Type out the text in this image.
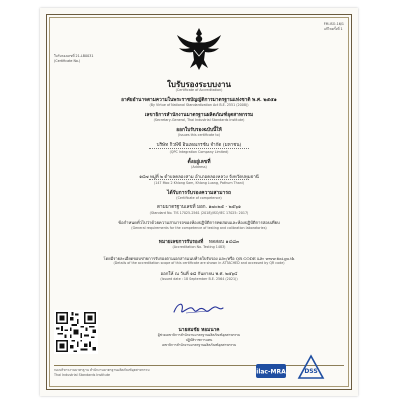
FM-ISO-16/1
แก้ไขครั้งที่ 1
ใบรับรองเลขที่ 21-LB0031
(Certificate No.)
ใบรับรองระบบงาน
(Certificate of Accreditation)
อาศัยอำนาจตามความในพระราชบัญญัติการมาตรฐานแห่งชาติ พ.ศ. ๒๕๕๑
(By Virtue of National Standardization Act B.E. 2551 (2008))
เลขาธิการสำนักงานมาตรฐานผลิตภัณฑ์อุตสาหกรรม
(Secretary-General, Thai Industrial Standards Institute)
ออกใบรับรองฉบับนี้ให้
(Issues this certificate to)
บริษัท กิวพีซี อินเทอเกรชัน จำกัด (มหาชน)
(QPC Integration Company Limited)
ตั้งอยู่เลขที่
(Address)
๑๔๗ หมู่ที่ ๒ ตำบลคลองสาม อำเภอคลองหลวง จังหวัดปทุมธานี
(147 Moo 2 Khlong Sam, Khlong Luang, Pathum Thani)
ได้รับการรับรองความสามารถ
(Certificate of competence)
ตามมาตรฐานเลขที่ มอก. ๑๗๐๒๕ - ๒๕๖๑
(Standard No. TIS 17025-2561 (2018)/ISO/IEC 17025: 2017)
ข้อกำหนดทั่วไปว่าด้วยความสามารถของห้องปฏิบัติการทดสอบและห้องปฏิบัติการสอบเทียบ
(General requirements for the competence of testing and calibration laboratories)
หมายเลขการรับรองที่ ทดสอบ ๑๔๘๓
(Accreditation No. Testing 1483)
โดยมีรายละเอียดขอบข่ายการรับรองตามเอกสารแนบท้ายใบรับรอง และ/หรือ QR CODE และ www.tisi.go.th
(Details of the accreditation scope of this certificate are shown in ATTACHED and accessed by QR code)
ออกให้ ณ วันที่ ๑๘ กันยายน พ.ศ. ๒๕๖๔
(Issued date : 18 September B.E. 2564 (2021))
นายสมชัย หอมนาค
ผู้ช่วยเลขาธิการสำนักงานมาตรฐานผลิตภัณฑ์อุตสาหกรรม
ปฏิบัติราชการแทน
เลขาธิการสำนักงานมาตรฐานผลิตภัณฑ์อุตสาหกรรม
กองบริหารงานมาตรฐาน สำนักงานมาตรฐานผลิตภัณฑ์อุตสาหกรรม
Thai Industrial Standards Institute	ilac-MRA	DSS
